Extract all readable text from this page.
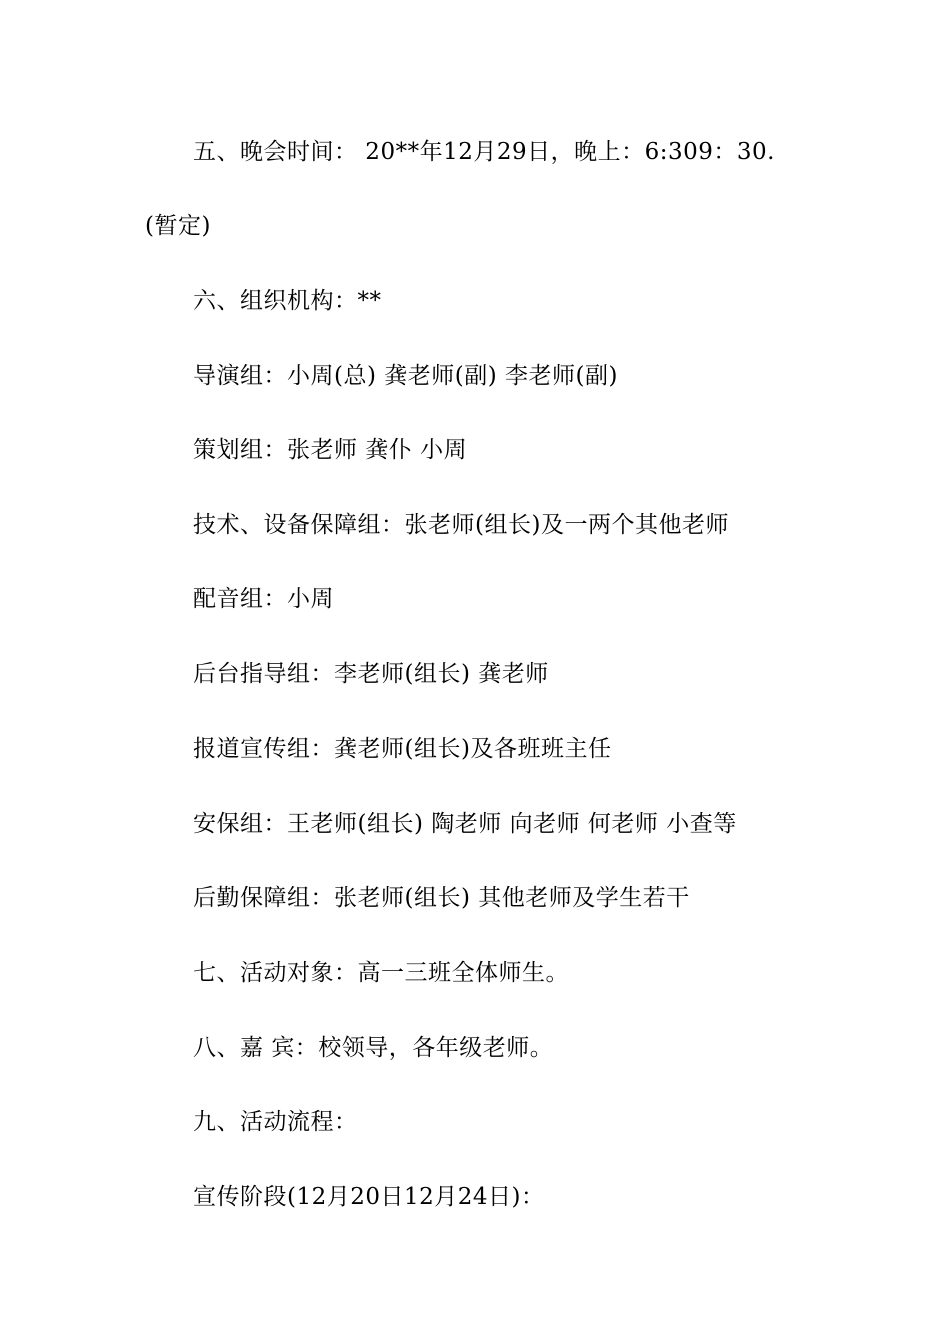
五、晚会时间： 20**年12月29日，晚上：6:309：30.
(暂定)
六、组织机构：**
导演组：小周(总) 龚老师(副) 李老师(副)
策划组：张老师 龚仆 小周
技术、设备保障组：张老师(组长)及一两个其他老师
配音组：小周
后台指导组：李老师(组长) 龚老师
报道宣传组：龚老师(组长)及各班班主任
安保组：王老师(组长) 陶老师 向老师 何老师 小查等
后勤保障组：张老师(组长) 其他老师及学生若干
七、活动对象：高一三班全体师生。
八、嘉 宾：校领导，各年级老师。
九、活动流程：
宣传阶段(12月20日12月24日)：
